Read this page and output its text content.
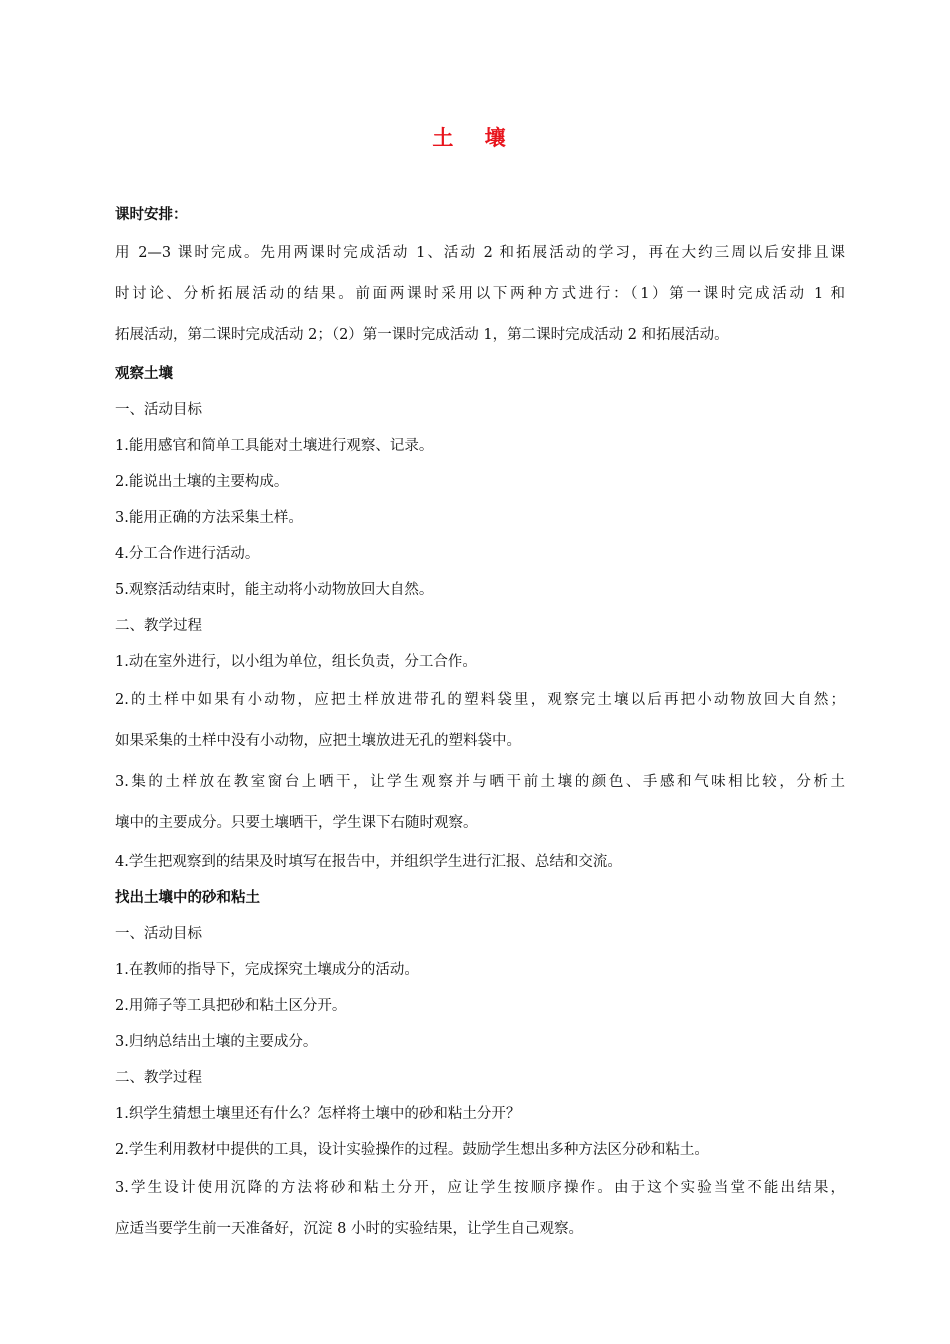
土 壤
课时安排：
用 2—3 课时完成。先用两课时完成活动 1、活动 2 和拓展活动的学习，再在大约三周以后安排且课
时讨论、分析拓展活动的结果。前面两课时采用以下两种方式进行：（1）第一课时完成活动 1 和
拓展活动，第二课时完成活动 2；（2）第一课时完成活动 1，第二课时完成活动 2 和拓展活动。
观察土壤
一、活动目标
1.能用感官和简单工具能对土壤进行观察、记录。
2.能说出土壤的主要构成。
3.能用正确的方法采集土样。
4.分工合作进行活动。
5.观察活动结束时，能主动将小动物放回大自然。
二、教学过程
1.动在室外进行，以小组为单位，组长负责，分工合作。
2.的土样中如果有小动物，应把土样放进带孔的塑料袋里，观察完土壤以后再把小动物放回大自然；
如果采集的土样中没有小动物，应把土壤放进无孔的塑料袋中。
3.集的土样放在教室窗台上晒干，让学生观察并与晒干前土壤的颜色、手感和气味相比较，分析土
壤中的主要成分。只要土壤晒干，学生课下右随时观察。
4.学生把观察到的结果及时填写在报告中，并组织学生进行汇报、总结和交流。
找出土壤中的砂和粘土
一、活动目标
1.在教师的指导下，完成探究土壤成分的活动。
2.用筛子等工具把砂和粘土区分开。
3.归纳总结出土壤的主要成分。
二、教学过程
1.织学生猜想土壤里还有什么？怎样将土壤中的砂和粘土分开？
2.学生利用教材中提供的工具，设计实验操作的过程。鼓励学生想出多种方法区分砂和粘土。
3.学生设计使用沉降的方法将砂和粘土分开，应让学生按顺序操作。由于这个实验当堂不能出结果，
应适当要学生前一天准备好，沉淀 8 小时的实验结果，让学生自己观察。
